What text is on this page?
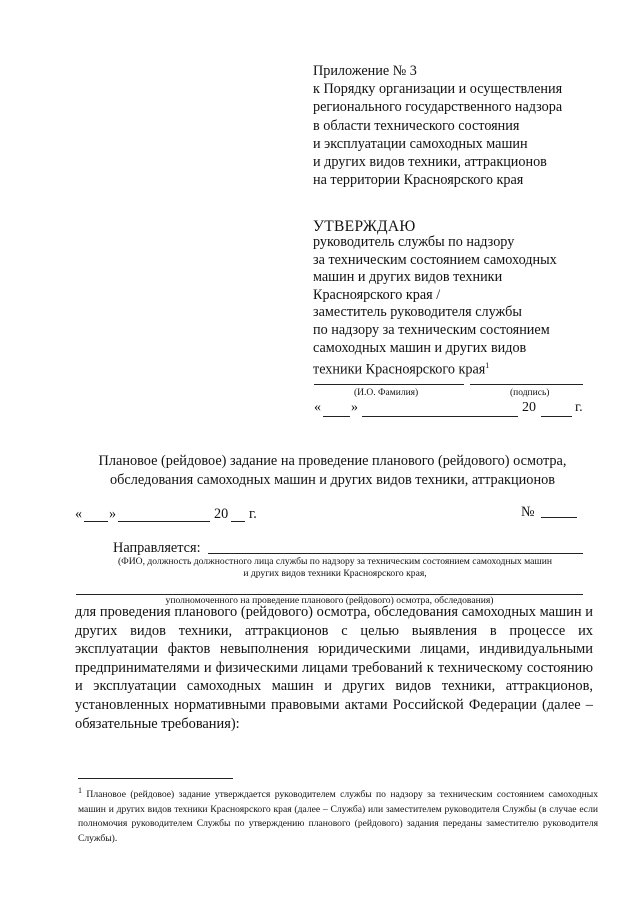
Приложение № 3
к Порядку организации и осуществления
регионального государственного надзора
в области технического состояния
и эксплуатации самоходных машин
и других видов техники, аттракционов
на территории Красноярского края
УТВЕРЖДАЮ
руководитель службы по надзору
за техническим состоянием самоходных
машин и других видов техники
Красноярского края /
заместитель руководителя службы
по надзору за техническим состоянием
самоходных машин и других видов
техники Красноярского края$^1$
(И.О. Фамилия)	(подпись)
« »	20	г.
Плановое (рейдовое) задание на проведение планового (рейдового) осмотра,
обследования самоходных машин и других видов техники, аттракционов
« »	20 г.	№
Направляется:
(ФИО, должность должностного лица службы по надзору за техническим состоянием самоходных машин
и других видов техники Красноярского края,
уполномоченного на проведение планового (рейдового) осмотра, обследования)
для проведения планового (рейдового) осмотра, обследования самоходных машин и других видов техники, аттракционов с целью выявления в процессе их эксплуатации фактов невыполнения юридическими лицами, индивидуальными предпринимателями и физическими лицами требований к техническому состоянию и эксплуатации самоходных машин и других видов техники, аттракционов, установленных нормативными правовыми актами Российской Федерации (далее – обязательные требования):
$^1$ Плановое (рейдовое) задание утверждается руководителем службы по надзору за техническим состоянием самоходных машин и других видов техники Красноярского края (далее – Служба) или заместителем руководителя Службы (в случае если полномочия руководителем Службы по утверждению планового (рейдового) задания переданы заместителю руководителя Службы).
